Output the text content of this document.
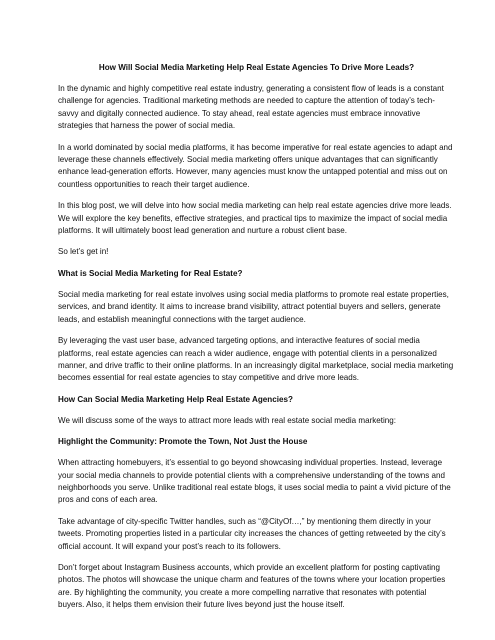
How Will Social Media Marketing Help Real Estate Agencies To Drive More Leads?

In the dynamic and highly competitive real estate industry, generating a consistent flow of leads is a constant challenge for agencies. Traditional marketing methods are needed to capture the attention of today’s tech-savvy and digitally connected audience. To stay ahead, real estate agencies must embrace innovative strategies that harness the power of social media.

In a world dominated by social media platforms, it has become imperative for real estate agencies to adapt and leverage these channels effectively. Social media marketing offers unique advantages that can significantly enhance lead-generation efforts. However, many agencies must know the untapped potential and miss out on countless opportunities to reach their target audience.

In this blog post, we will delve into how social media marketing can help real estate agencies drive more leads. We will explore the key benefits, effective strategies, and practical tips to maximize the impact of social media platforms. It will ultimately boost lead generation and nurture a robust client base.

So let’s get in!

What is Social Media Marketing for Real Estate?

Social media marketing for real estate involves using social media platforms to promote real estate properties, services, and brand identity. It aims to increase brand visibility, attract potential buyers and sellers, generate leads, and establish meaningful connections with the target audience.

By leveraging the vast user base, advanced targeting options, and interactive features of social media platforms, real estate agencies can reach a wider audience, engage with potential clients in a personalized manner, and drive traffic to their online platforms. In an increasingly digital marketplace, social media marketing becomes essential for real estate agencies to stay competitive and drive more leads.

How Can Social Media Marketing Help Real Estate Agencies?

We will discuss some of the ways to attract more leads with real estate social media marketing:

Highlight the Community: Promote the Town, Not Just the House

When attracting homebuyers, it’s essential to go beyond showcasing individual properties. Instead, leverage your social media channels to provide potential clients with a comprehensive understanding of the towns and neighborhoods you serve. Unlike traditional real estate blogs, it uses social media to paint a vivid picture of the pros and cons of each area.

Take advantage of city-specific Twitter handles, such as “@CityOf…,” by mentioning them directly in your tweets. Promoting properties listed in a particular city increases the chances of getting retweeted by the city’s official account. It will expand your post’s reach to its followers.

Don’t forget about Instagram Business accounts, which provide an excellent platform for posting captivating photos. The photos will showcase the unique charm and features of the towns where your location properties are. By highlighting the community, you create a more compelling narrative that resonates with potential buyers. Also, it helps them envision their future lives beyond just the house itself.
